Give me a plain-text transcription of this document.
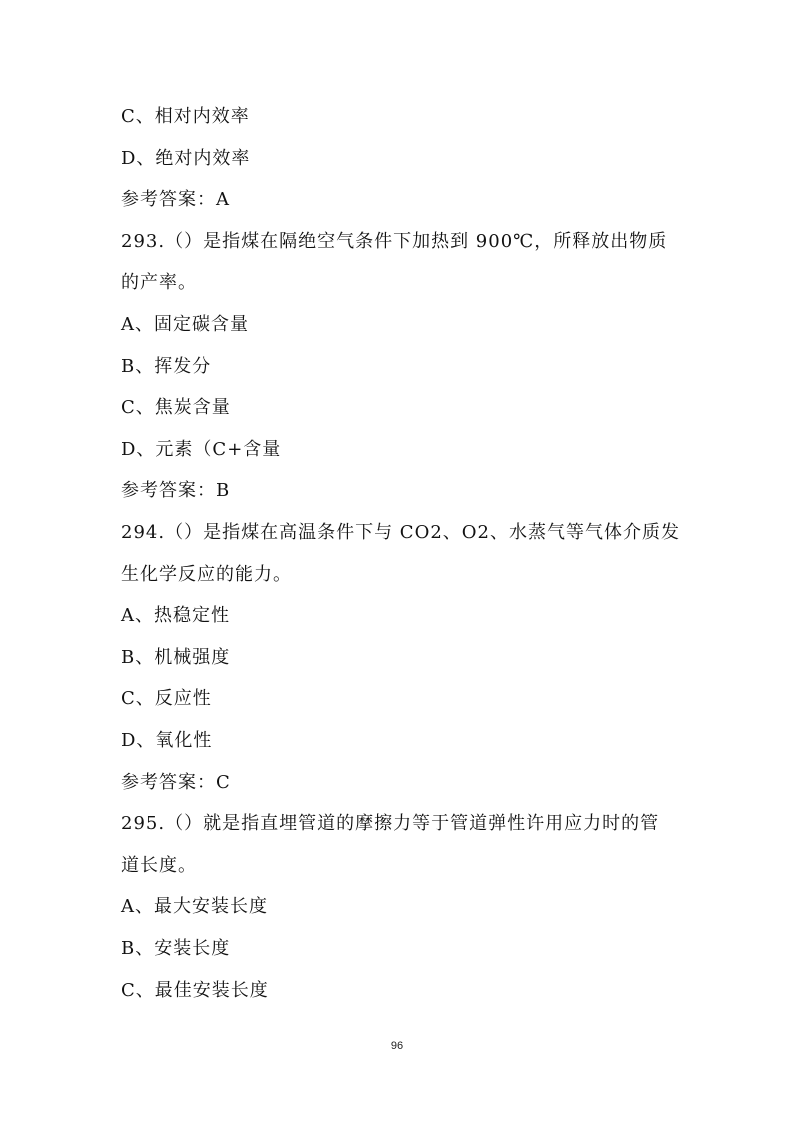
C、相对内效率
D、绝对内效率
参考答案：A
293.（）是指煤在隔绝空气条件下加热到 900℃，所释放出物质
的产率。
A、固定碳含量
B、挥发分
C、焦炭含量
D、元素（C+含量
参考答案：B
294.（）是指煤在高温条件下与 CO2、O2、水蒸气等气体介质发
生化学反应的能力。
A、热稳定性
B、机械强度
C、反应性
D、氧化性
参考答案：C
295.（）就是指直埋管道的摩擦力等于管道弹性许用应力时的管
道长度。
A、最大安装长度
B、安装长度
C、最佳安装长度
96
